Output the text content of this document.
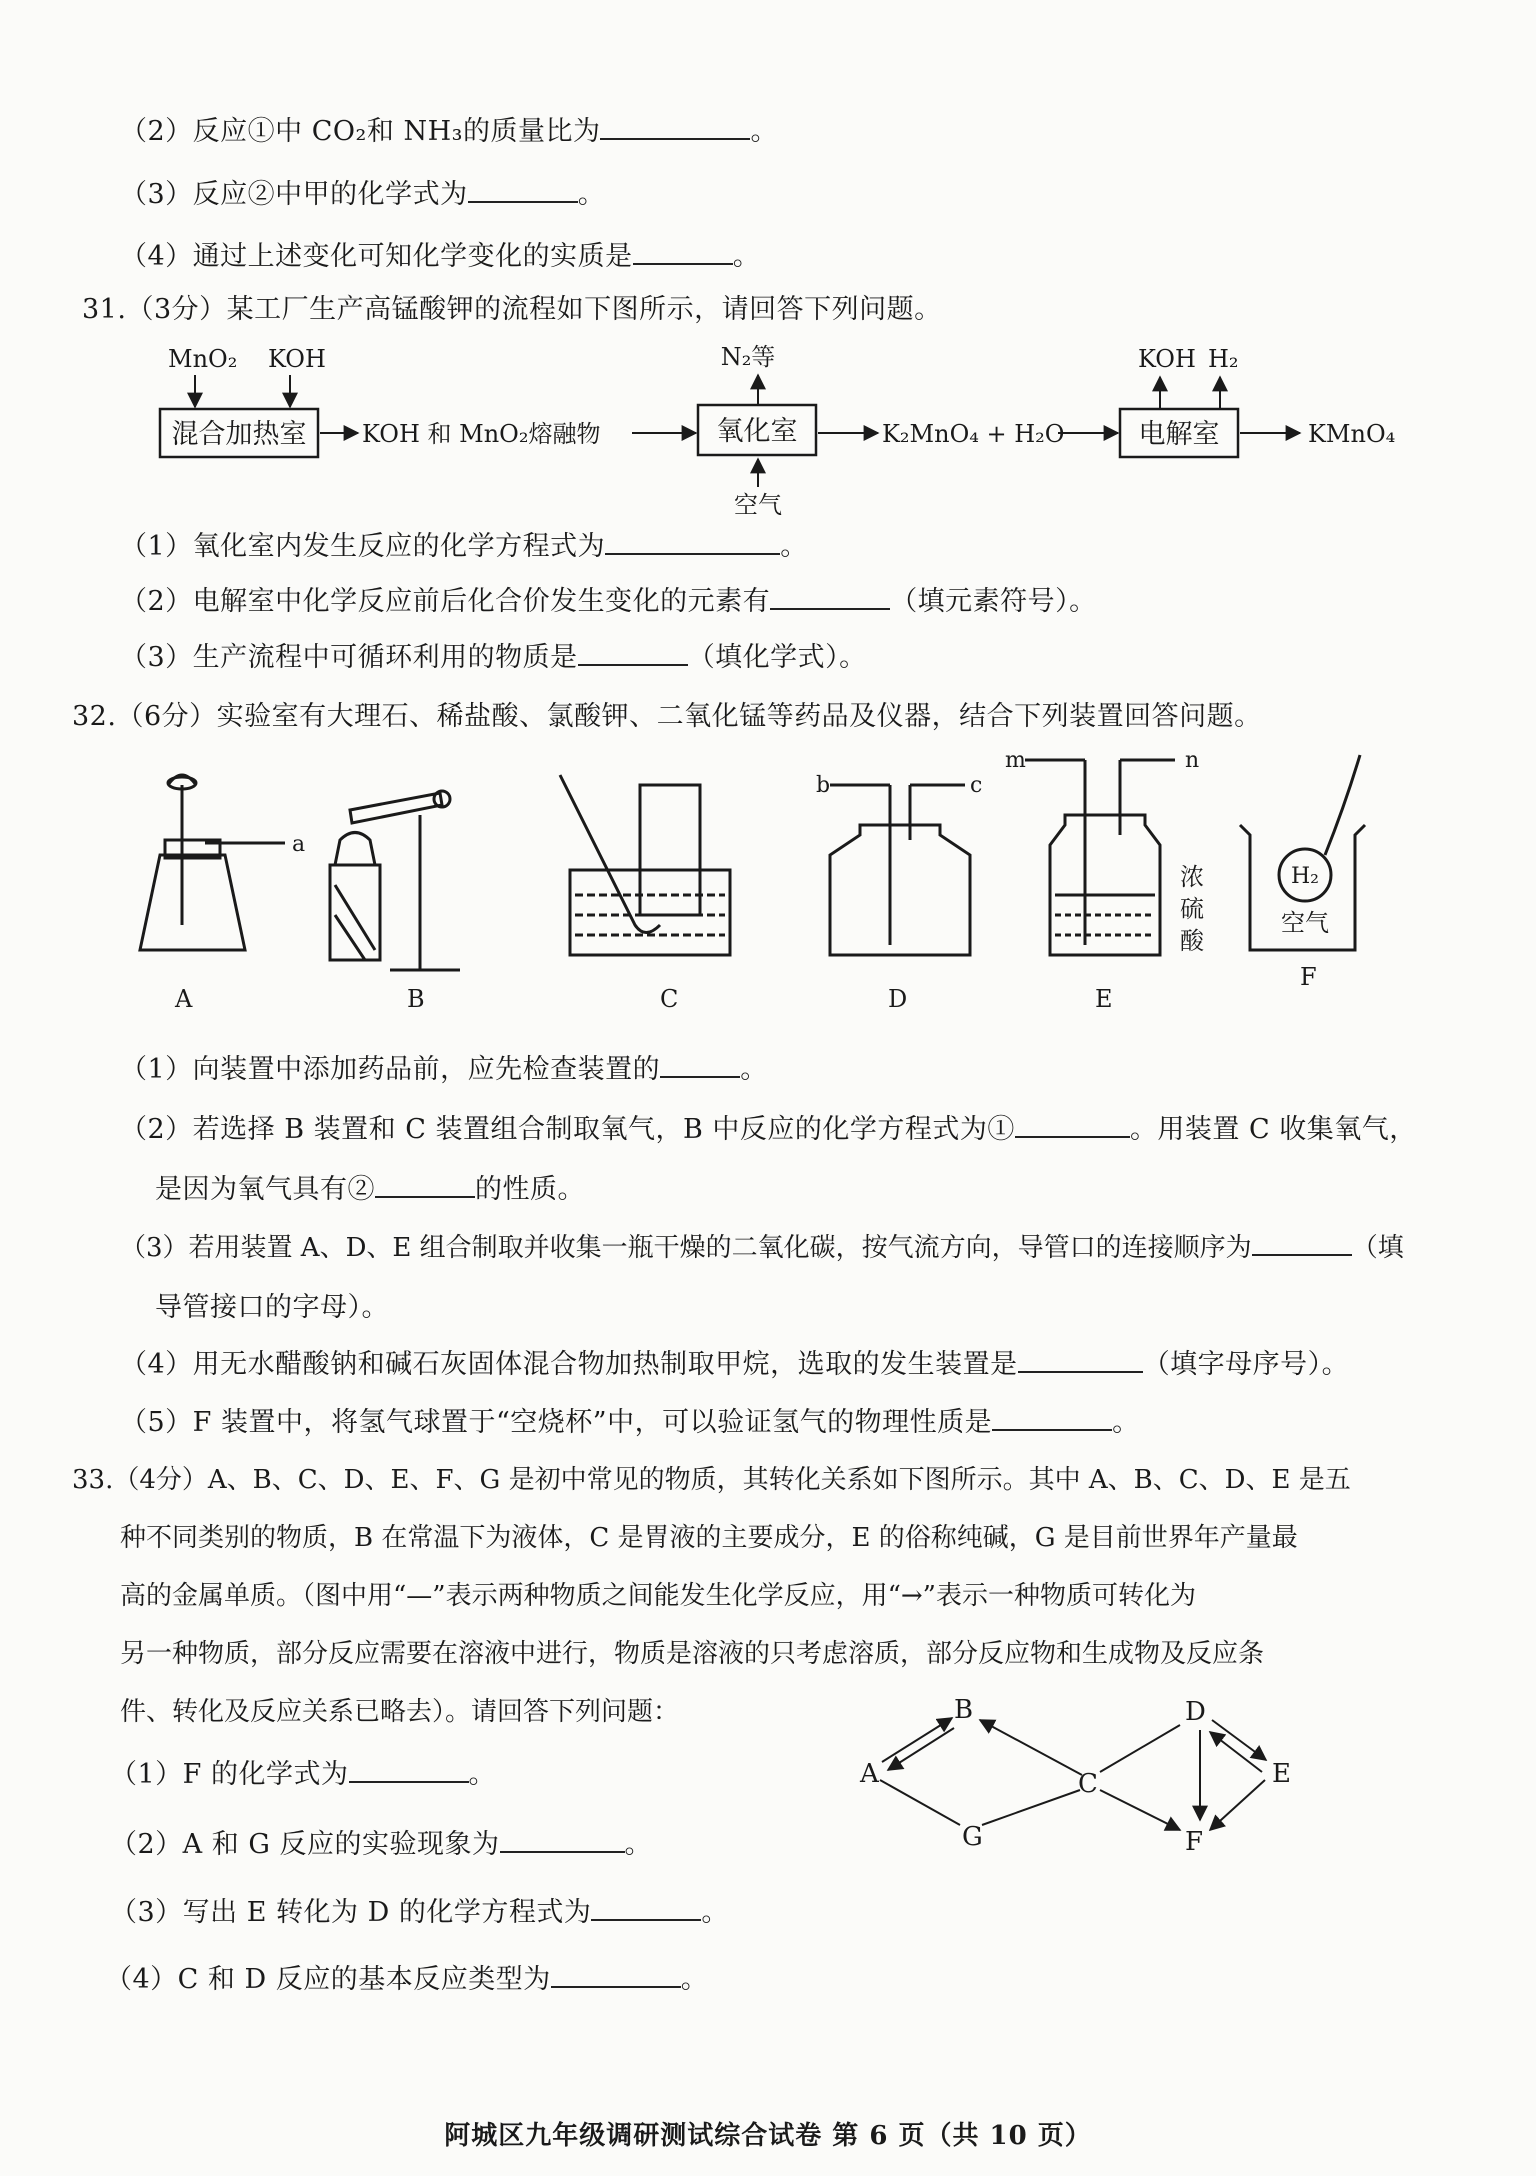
（2）反应①中 CO₂和 NH₃的质量比为	。
（3）反应②中甲的化学式为	。
（4）通过上述变化可知化学变化的实质是	。
31.（3分）某工厂生产高锰酸钾的流程如下图所示，请回答下列问题。
MnO₂ KOH
混合加热室 KOH 和 MnO₂熔融物
N₂等
氧化室
空气
K₂MnO₄ + H₂O
KOH H₂
电解室	KMnO₄
（1）氧化室内发生反应的化学方程式为	。
（2）电解室中化学反应前后化合价发生变化的元素有	（填元素符号）。
（3）生产流程中可循环利用的物质是	（填化学式）。
32.（6分）实验室有大理石、稀盐酸、氯酸钾、二氧化锰等药品及仪器，结合下列装置回答问题。
A
a
B	C
b	c
D
m	n
浓
硫
酸
E
H₂
空气
F
（1）向装置中添加药品前，应先检查装置的	。
（2）若选择 B 装置和 C 装置组合制取氧气，B 中反应的化学方程式为①	。用装置 C 收集氧气，
是因为氧气具有②	的性质。
（3）若用装置 A、D、E 组合制取并收集一瓶干燥的二氧化碳，按气流方向，导管口的连接顺序为	（填
导管接口的字母）。
（4）用无水醋酸钠和碱石灰固体混合物加热制取甲烷，选取的发生装置是	（填字母序号）。
（5）F 装置中，将氢气球置于“空烧杯”中，可以验证氢气的物理性质是	。
33.（4分）A、B、C、D、E、F、G 是初中常见的物质，其转化关系如下图所示。其中 A、B、C、D、E 是五
种不同类别的物质，B 在常温下为液体，C 是胃液的主要成分，E 的俗称纯碱，G 是目前世界年产量最
高的金属单质。（图中用“—”表示两种物质之间能发生化学反应，用“→”表示一种物质可转化为
另一种物质，部分反应需要在溶液中进行，物质是溶液的只考虑溶质，部分反应物和生成物及反应条
件、转化及反应关系已略去）。请回答下列问题：
A
B
C
D
E
F
G
（1）F 的化学式为	。
（2）A 和 G 反应的实验现象为	。
（3）写出 E 转化为 D 的化学方程式为	。
（4）C 和 D 反应的基本反应类型为	。
阿城区九年级调研测试综合试卷 第 6 页（共 10 页）
